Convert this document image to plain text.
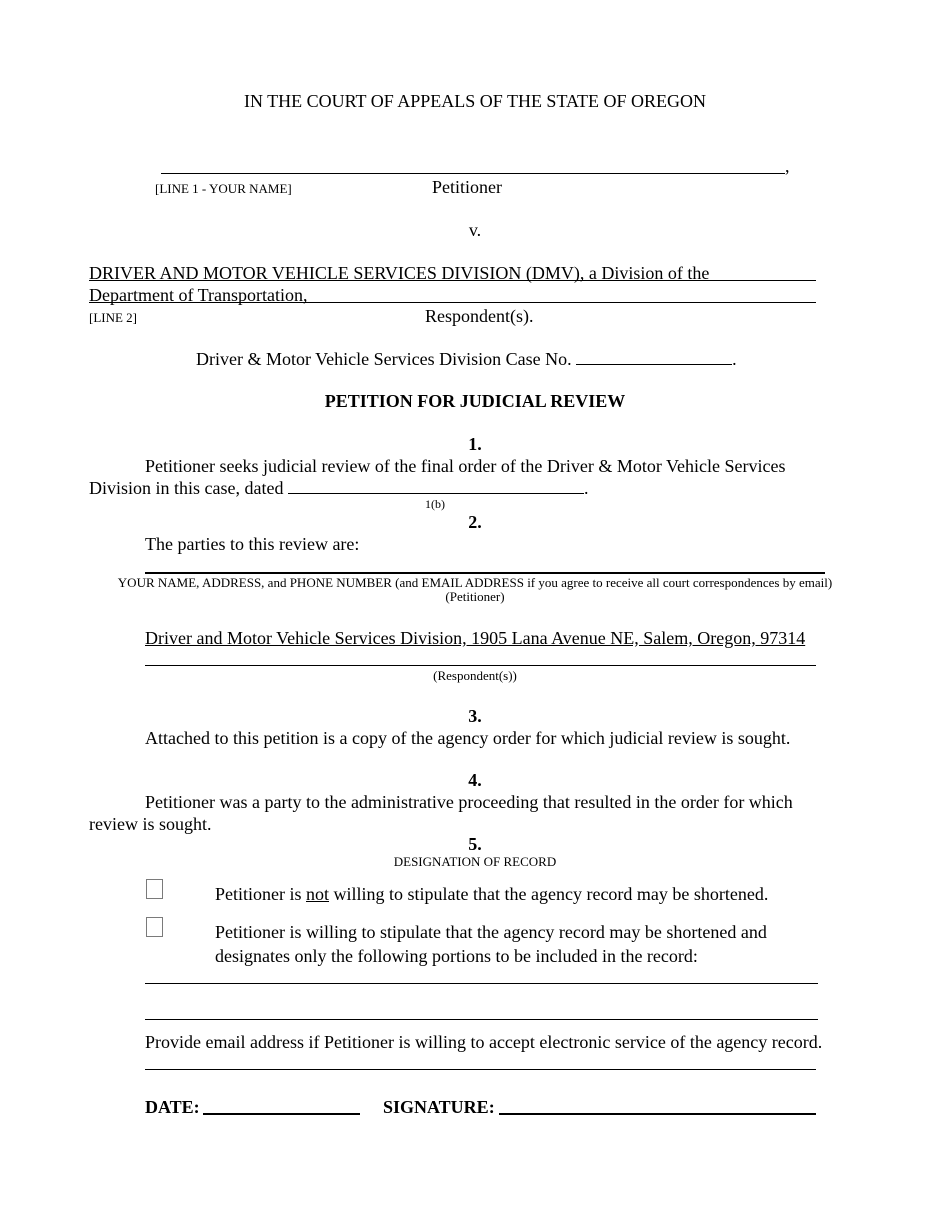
IN THE COURT OF APPEALS OF THE STATE OF OREGON
,
[LINE 1 - YOUR NAME]	Petitioner
v.
DRIVER AND MOTOR VEHICLE SERVICES DIVISION (DMV), a Division of the
Department of Transportation,
[LINE 2]	Respondent(s).
Driver & Motor Vehicle Services Division Case No.	.
PETITION FOR JUDICIAL REVIEW
1.
Petitioner seeks judicial review of the final order of the Driver & Motor Vehicle Services
Division in this case, dated	.
1(b)
2.
The parties to this review are:
YOUR NAME, ADDRESS, and PHONE NUMBER (and EMAIL ADDRESS if you agree to receive all court correspondences by email)
(Petitioner)
Driver and Motor Vehicle Services Division, 1905 Lana Avenue NE, Salem, Oregon, 97314
(Respondent(s))
3.
Attached to this petition is a copy of the agency order for which judicial review is sought.
4.
Petitioner was a party to the administrative proceeding that resulted in the order for which
review is sought.
5.
DESIGNATION OF RECORD
Petitioner is not willing to stipulate that the agency record may be shortened.
Petitioner is willing to stipulate that the agency record may be shortened and
designates only the following portions to be included in the record:
Provide email address if Petitioner is willing to accept electronic service of the agency record.
DATE:	SIGNATURE:
